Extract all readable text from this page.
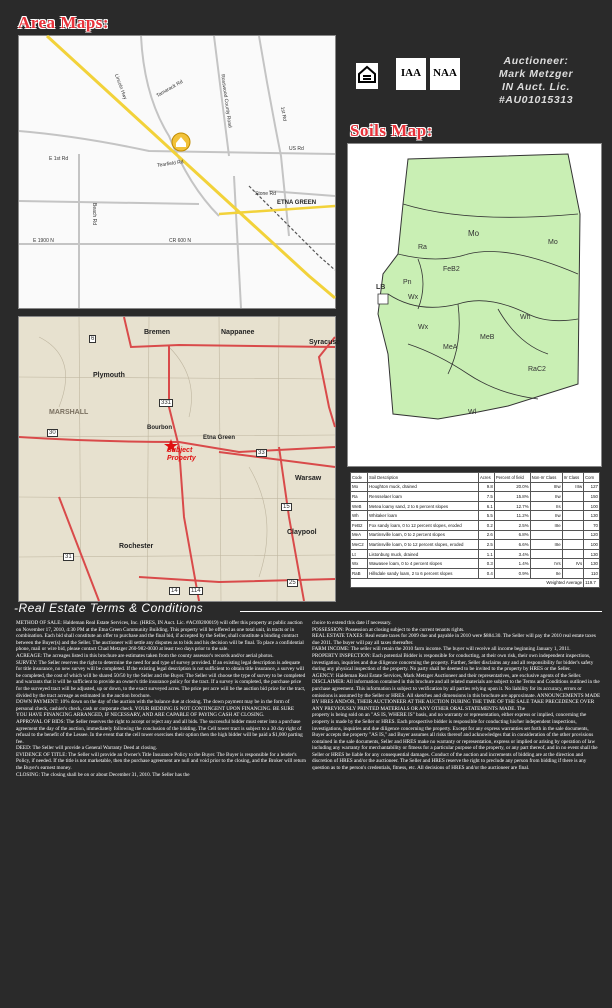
Area Maps:
Lincoln Hwy	Tamarack Rd	Rosswood County Road	1st Rd
E 1st Rd
Tearfield Rd
Beach Rd
CR 600 N
E 1900 N
Stone Rd
US Rd
ETNA GREEN
IAA	NAA
Auctioneer:
Mark Metzger
IN Auct. Lic.
#AU01015313
Soils Map:
Mo
Ra
Pn
Wx
FeB2
MeB
MeA
Wh
RaC2
Wx
Wl
Mo
LB
Bremen	Nappanee
Syracuse
Plymouth
MARSHALL
Bourbon
Etna Green
Warsaw
Claypool
Rochester
Subject
Property
6
331
30
33
15
31
14	114
25
Code	Soil Description	Acres	Percent of field	Non-Irr Class	Irr Class	Corn
Mo	Houghton muck, drained	9.8	20.0%	IIIw	IIIw	127
Ra	Rensselaer loam	7.5	15.8%	IIw		150
WeB	Metea loamy sand, 2 to 6 percent slopes	6.1	12.7%	IIs		100
Wh	Whitaker loam	5.5	11.2%	IIw		130
FeB2	Fox sandy loam, 0 to 12 percent slopes, eroded	0.2	2.5%	IIIe		70
MeA	Martinsville loam, 0 to 2 percent slopes	2.6	6.8%			120
MeC2	Martinsville loam, 0 to 12 percent slopes, eroded	2.5	6.6%	IIIe		100
Lt	Listonburg muck, drained	1.1	3.4%			130
Wx	Wawasee loam, 0 to 4 percent slopes	0.3	1.4%	IVs	IVs	130
RaB	Hillsdale sandy loam, 2 to 6 percent slopes	0.4	0.9%	IIe		110
Weighted Average						119.7
-Real Estate Terms & Conditions

METHOD OF SALE: Haldeman Real Estate Services, Inc. (HRES, IN Auct. Lic. #AC69200019) will offer this property at public auction on November 17, 2010, 4:30 PM at the Etna Green Community Building. This property will be offered as one total unit, in tracts or in combination. Each bid shall constitute an offer to purchase and the final bid, if accepted by the Seller, shall constitute a binding contract between the Buyer(s) and the Seller. The auctioneer will settle any disputes as to bids and his decision will be final. To place a confidential phone, mail or wire bid, please contact Chad Metzger 260-982-0030 at least two days prior to the sale.

ACREAGE: The acreages listed in this brochure are estimates taken from the county assessor's records and/or aerial photos.

SURVEY: The Seller reserves the right to determine the need for and type of survey provided. If an existing legal description is adequate for title insurance, no new survey will be completed. If the existing legal description is not sufficient to obtain title insurance, a survey will be completed, the cost of which will be shared 50/50 by the Seller and the Buyer. The Seller will choose the type of survey to be completed and warrants that it will be sufficient to provide an owner's title insurance policy for the tract. If a survey is completed, the purchase price for the surveyed tract will be adjusted, up or down, to the exact surveyed acres. The price per acre will be the auction bid price for the tract, divided by the tract acreage as estimated in the auction brochure.

DOWN PAYMENT: 10% down on the day of the auction with the balance due at closing. The down payment may be in the form of personal check, cashier's check, cash or corporate check. YOUR BIDDING IS NOT CONTINGENT UPON FINANCING. BE SURE YOU HAVE FINANCING ARRANGED, IF NECESSARY, AND ARE CAPABLE OF PAYING CASH AT CLOSING.

APPROVAL OF BIDS: The Seller reserves the right to accept or reject any and all bids. The successful bidder must enter into a purchase agreement the day of the auction, immediately following the conclusion of the bidding. The Cell tower tract is subject to a 30 day right of refusal to the benefit of the Lessee. In the event that the cell tower exercises their option then the high bidder will be paid a $1,000 parting fee.

DEED: The Seller will provide a General Warranty Deed at closing.

EVIDENCE OF TITLE: The Seller will provide an Owner's Title Insurance Policy to the Buyer. The Buyer is responsible for a lender's Policy, if needed. If the title is not marketable, then the purchase agreement are null and void prior to the closing, and the Broker will return the Buyer's earnest money.

CLOSING: The closing shall be on or about December 31, 2010. The Seller has the

choice to extend this date if necessary.

POSSESSION: Possession at closing subject to the current tenants rights.

REAL ESTATE TAXES: Real estate taxes for 2009 due and payable in 2010 were $884.30. The Seller will pay the 2010 real estate taxes due 2011. The buyer will pay all taxes thereafter.

FARM INCOME: The seller will retain the 2010 farm income. The buyer will receive all income beginning January 1, 2011.

PROPERTY INSPECTION: Each potential Bidder is responsible for conducting, at their own risk, their own independent inspections, investigation, inquiries and due diligence concerning the property. Further, Seller disclaims any and all responsibility for bidder's safety during any physical inspection of the property. No party shall be deemed to be invited to the property by HRES or the Seller.

AGENCY: Haldeman Real Estate Services, Mark Metzger Auctioneer and their representatives, are exclusive agents of the Seller.

DISCLAIMER: All information contained in this brochure and all related materials are subject to the Terms and Conditions outlined in the purchase agreement. This information is subject to verification by all parties relying upon it. No liability for its accuracy, errors or omissions is assumed by the Seller or HRES. All sketches and dimensions in this brochure are approximate. ANNOUNCEMENTS MADE BY HRES AND/OR, THEIR AUCTIONEER AT THE AUCTION DURING THE TIME OF THE SALE TAKE PRECEDENCE OVER ANY PREVIOUSLY PRINTED MATERIALS OR ANY OTHER ORAL STATEMENTS MADE. The

property is being sold on an "AS IS, WHERE IS" basis, and no warranty or representation, either express or implied, concerning the property is made by the Seller or HRES. Each prospective bidder is responsible for conducting his/her independent inspections, investigations, inquiries and due diligence concerning the property. Except for any express warranties set forth in the sale documents, Buyer accepts the property "AS IS," and Buyer assumes all risks thereof and acknowledges that in consideration of the other provisions contained in the sale documents, Seller and HRES make no warranty or representation, express or implied or arising by operation of law including any warranty for merchantability or fitness for a particular purpose of the property, or any part thereof, and in no event shall the Seller or HRES be liable for any consequential damages. Conduct of the auction and increments of bidding are at the direction and discretion of HRES and/or the auctioneer. The Seller and HRES reserve the right to preclude any person from bidding if there is any question as to the person's credentials, fitness, etc. All decisions of HRES and/or the auctioneer are final.
